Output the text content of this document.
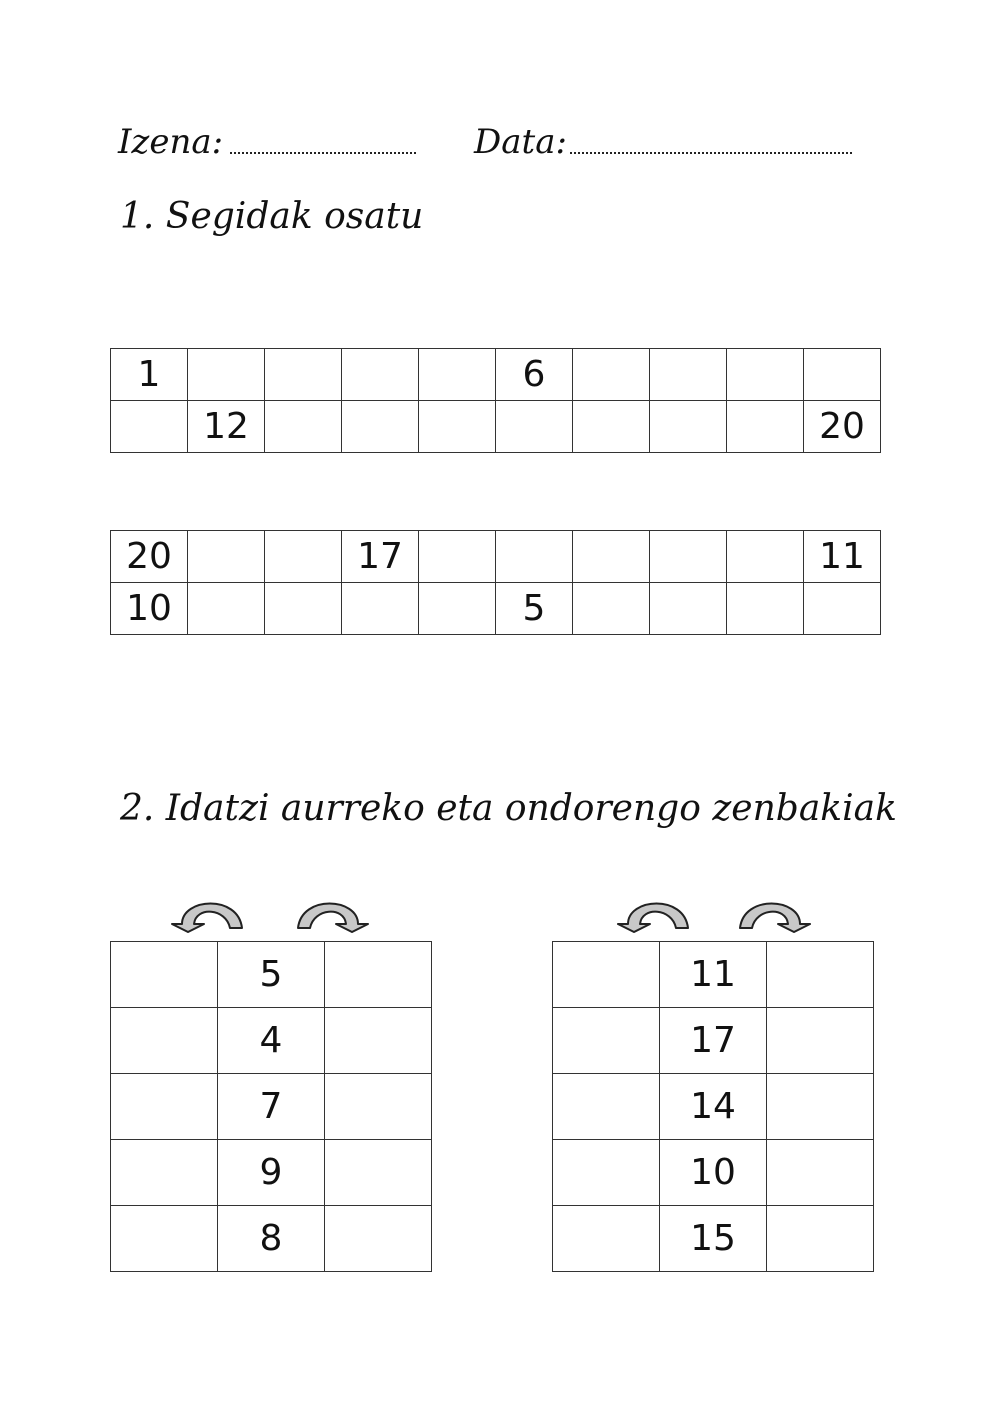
Izena:	Data:
1. Segidak osatu
1					6				
	12								20
20			17						11
10					5				
2. Idatzi aurreko eta ondorengo zenbakiak
	5	
	4	
	7	
	9	
	8	
	11	
	17	
	14	
	10	
	15	
